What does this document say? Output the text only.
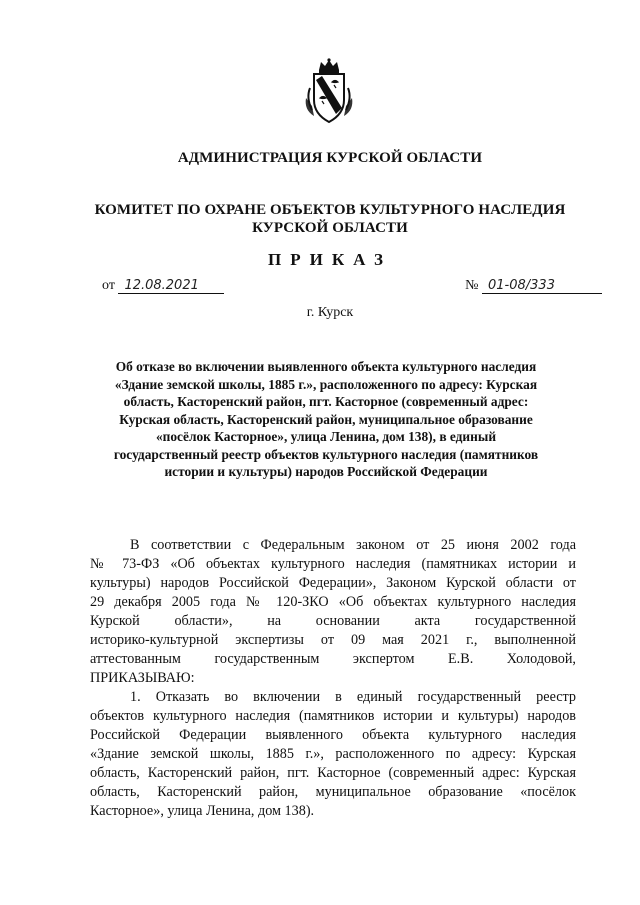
АДМИНИСТРАЦИЯ КУРСКОЙ ОБЛАСТИ
КОМИТЕТ ПО ОХРАНЕ ОБЪЕКТОВ КУЛЬТУРНОГО НАСЛЕДИЯ
КУРСКОЙ ОБЛАСТИ
ПРИКАЗ
от 12.08.2021	№ 01-08/333
г. Курск
Об отказе во включении выявленного объекта культурного наследия
«Здание земской школы, 1885 г.», расположенного по адресу: Курская
область, Касторенский район, пгт. Касторное (современный адрес:
Курская область, Касторенский район, муниципальное образование
«посёлок Касторное», улица Ленина, дом 138), в единый
государственный реестр объектов культурного наследия (памятников
истории и культуры) народов Российской Федерации

В соответствии с Федеральным законом от 25 июня 2002 года
№ 73-ФЗ «Об объектах культурного наследия (памятниках истории и
культуры) народов Российской Федерации», Законом Курской области от
29 декабря 2005 года № 120-ЗКО «Об объектах культурного наследия
Курской области», на основании акта государственной
историко-культурной экспертизы от 09 мая 2021 г., выполненной
аттестованным государственным экспертом Е.В. Холодовой,
ПРИКАЗЫВАЮ:

1. Отказать во включении в единый государственный реестр
объектов культурного наследия (памятников истории и культуры) народов
Российской Федерации выявленного объекта культурного наследия
«Здание земской школы, 1885 г.», расположенного по адресу: Курская
область, Касторенский район, пгт. Касторное (современный адрес: Курская
область, Касторенский район, муниципальное образование «посёлок
Касторное», улица Ленина, дом 138).
